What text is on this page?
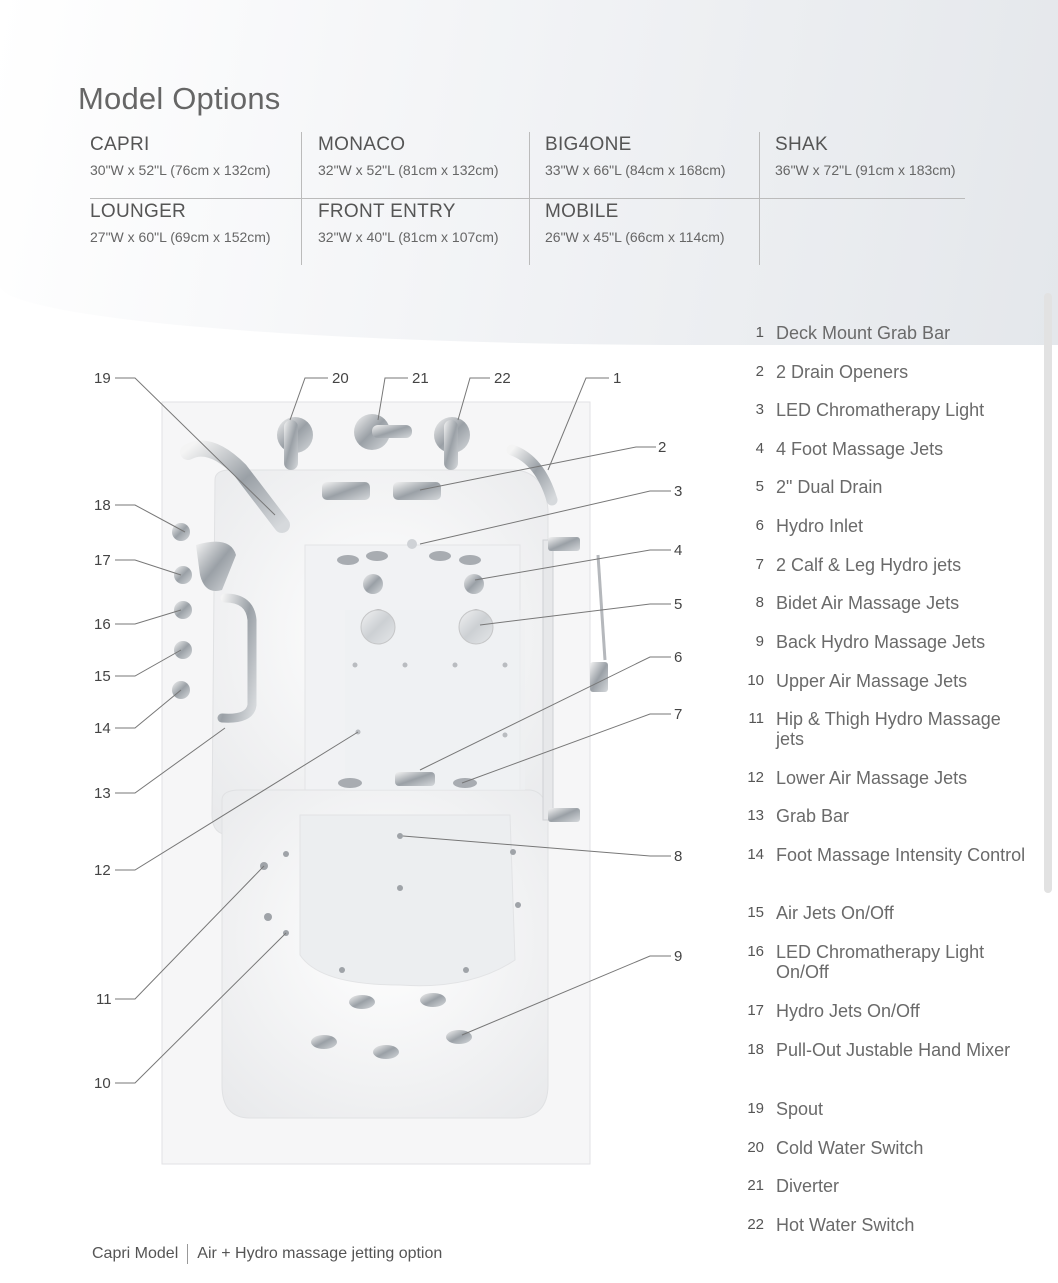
Model Options
CAPRI
30"W x 52"L (76cm x 132cm)
MONACO
32"W x 52"L (81cm x 132cm)
BIG4ONE
33"W x 66"L (84cm x 168cm)
SHAK
36"W x 72"L (91cm x 183cm)
LOUNGER
27"W x 60"L (69cm x 152cm)
FRONT ENTRY
32"W x 40"L (81cm x 107cm)
MOBILE
26"W x 45"L (66cm x 114cm)
19	20	21	22	1
2
3
4
5
6
7
8
9
18
17
16
15
14
13
12
11
10
1 Deck Mount Grab Bar
2 2 Drain Openers
3 LED Chromatherapy Light
4 4 Foot Massage Jets
5 2" Dual Drain
6 Hydro Inlet
7 2 Calf & Leg Hydro jets
8 Bidet Air Massage Jets
9 Back Hydro Massage Jets
10 Upper Air Massage Jets
11 Hip & Thigh Hydro Massage jets
12 Lower Air Massage Jets
13 Grab Bar
14 Foot Massage Intensity Control
15 Air Jets On/Off
16 LED Chromatherapy Light On/Off
17 Hydro Jets On/Off
18 Pull-Out Justable Hand Mixer
19 Spout
20 Cold Water Switch
21 Diverter
22 Hot Water Switch
Capri Model Air + Hydro massage jetting option
